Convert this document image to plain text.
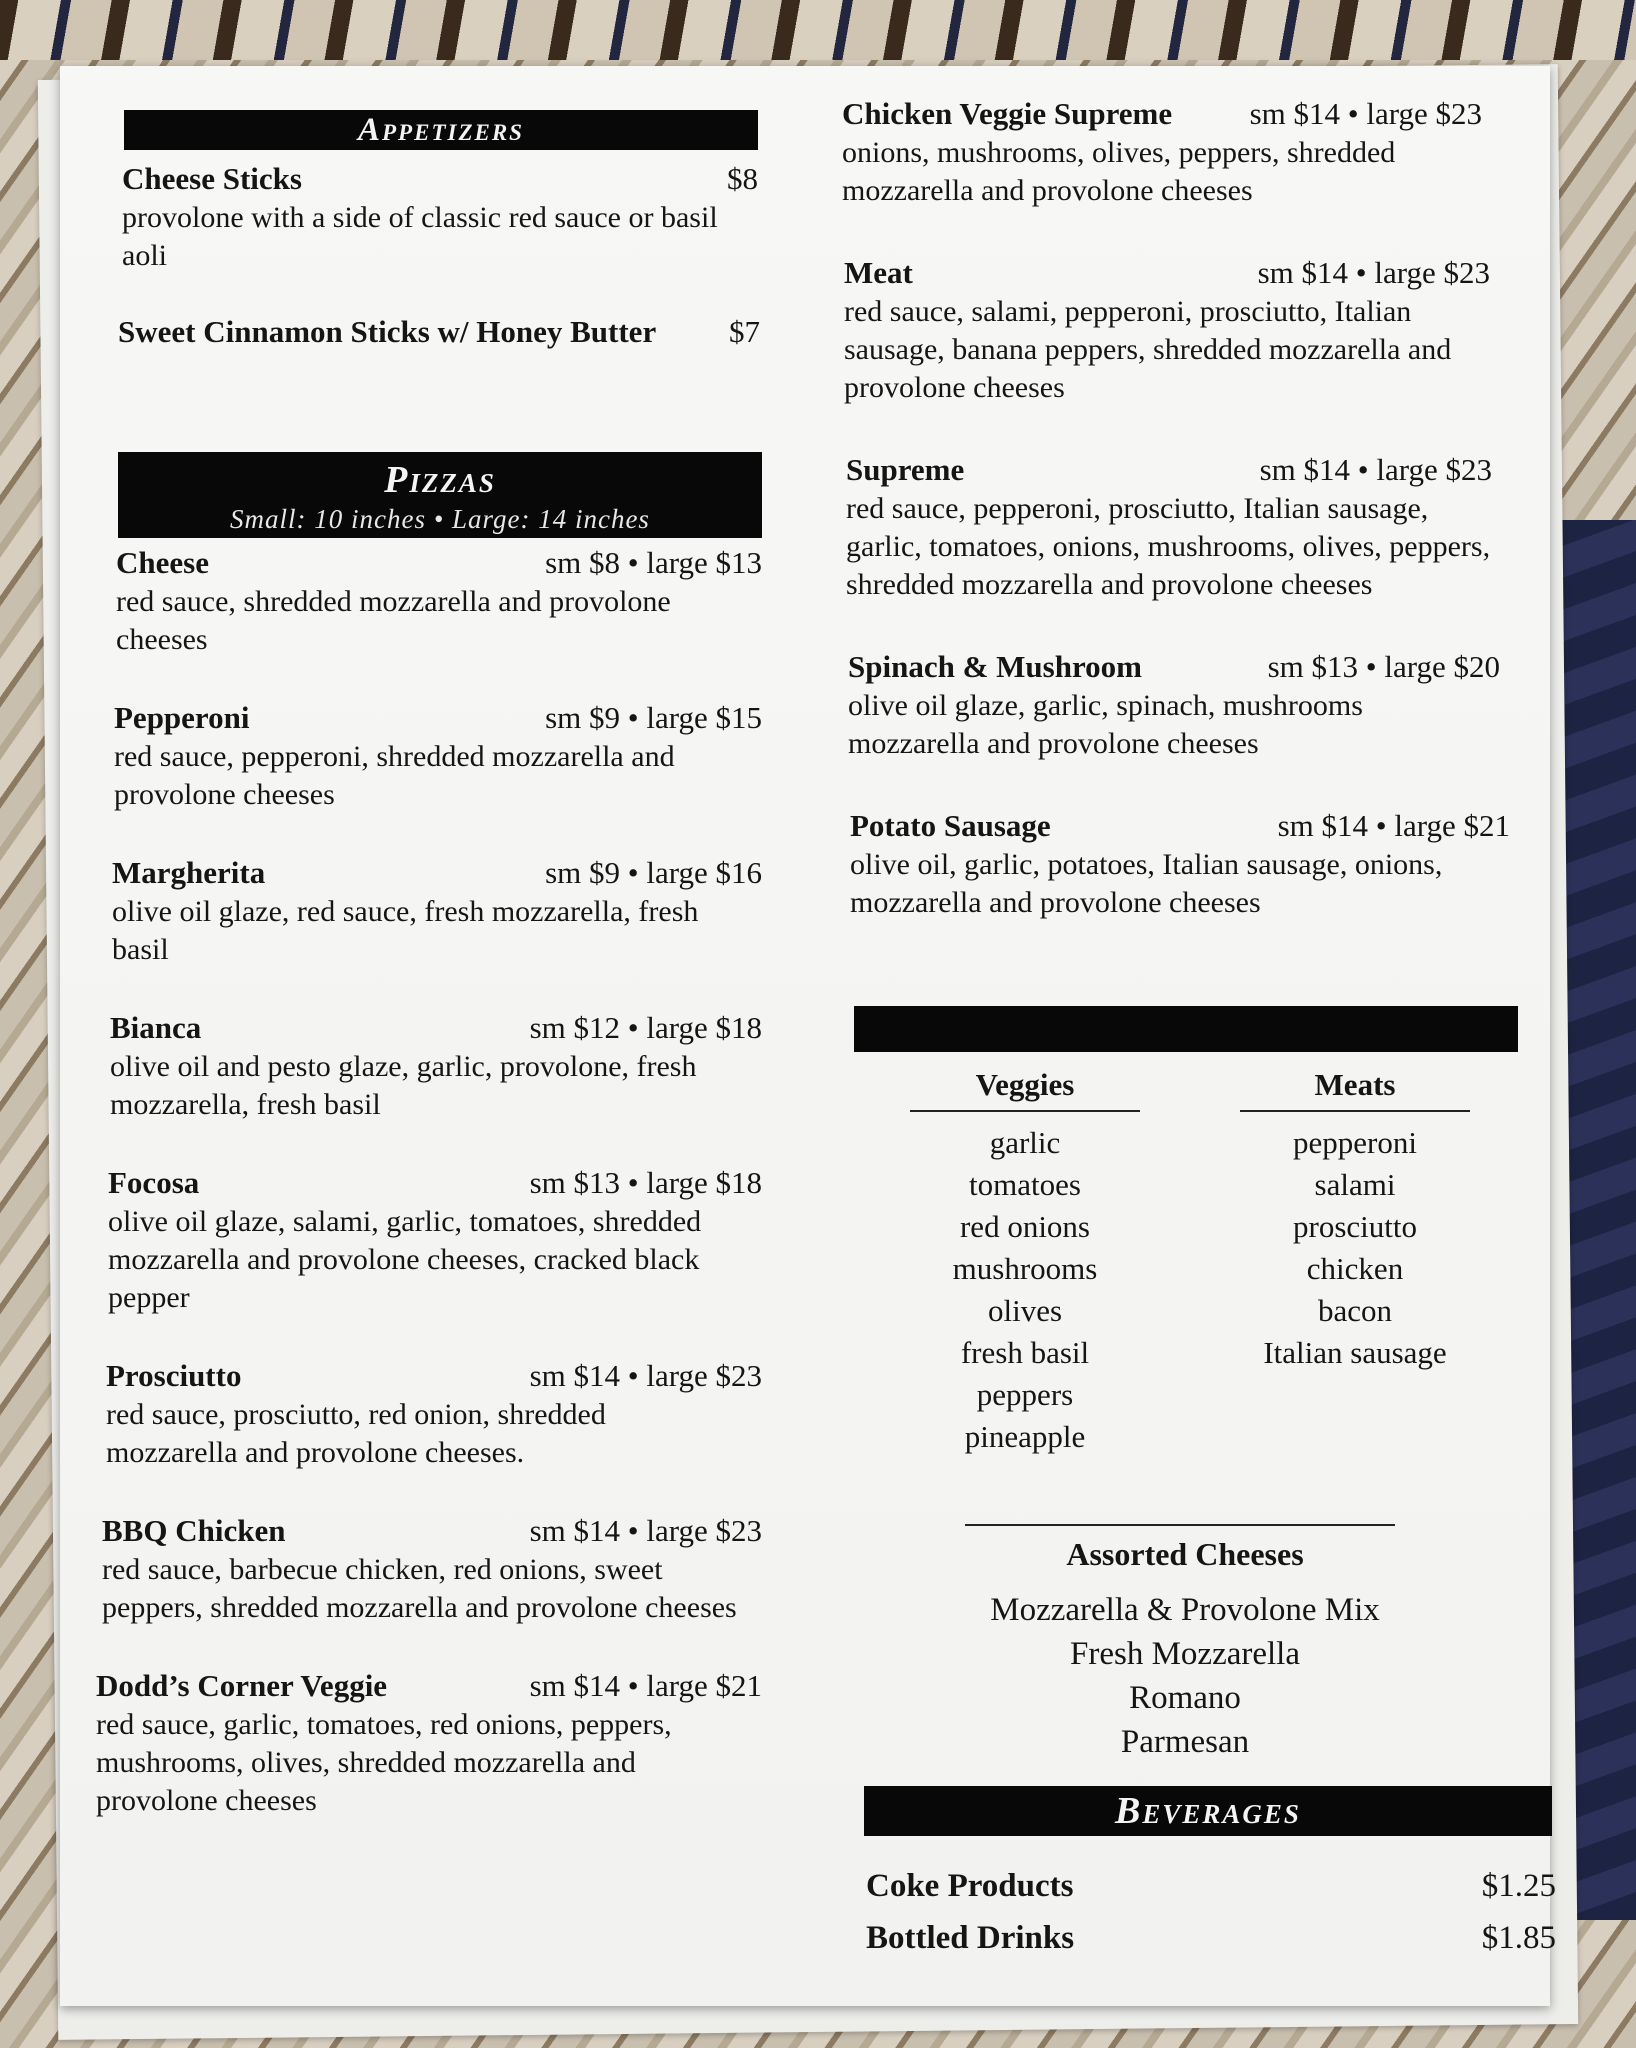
Appetizers
Cheese Sticks	$8
provolone with a side of classic red sauce or basil aoli
Sweet Cinnamon Sticks w/ Honey Butter $7
Pizzas
Small: 10 inches • Large: 14 inches
Cheese	sm $8 • large $13
red sauce, shredded mozzarella and provolone cheeses
Pepperoni	sm $9 • large $15
red sauce, pepperoni, shredded mozzarella and provolone cheeses
Margherita	sm $9 • large $16
olive oil glaze, red sauce, fresh mozzarella, fresh basil
Bianca	sm $12 • large $18
olive oil and pesto glaze, garlic, provolone, fresh mozzarella, fresh basil
Focosa	sm $13 • large $18
olive oil glaze, salami, garlic, tomatoes, shredded mozzarella and provolone cheeses, cracked black pepper
Prosciutto	sm $14 • large $23
red sauce, prosciutto, red onion, shredded mozzarella and provolone cheeses.
BBQ Chicken	sm $14 • large $23
red sauce, barbecue chicken, red onions, sweet peppers, shredded mozzarella and provolone cheeses
Dodd’s Corner Veggie	sm $14 • large $21
red sauce, garlic, tomatoes, red onions, peppers, mushrooms, olives, shredded mozzarella and provolone cheeses
Chicken Veggie Supreme sm $14 • large $23
onions, mushrooms, olives, peppers, shredded mozzarella and provolone cheeses
Meat	sm $14 • large $23
red sauce, salami, pepperoni, prosciutto, Italian sausage, banana peppers, shredded mozzarella and provolone cheeses
Supreme	sm $14 • large $23
red sauce, pepperoni, prosciutto, Italian sausage, garlic, tomatoes, onions, mushrooms, olives, peppers, shredded mozzarella and provolone cheeses
Spinach & Mushroom	sm $13 • large $20
olive oil glaze, garlic, spinach, mushrooms mozzarella and provolone cheeses
Potato Sausage	sm $14 • large $21
olive oil, garlic, potatoes, Italian sausage, onions, mozzarella and provolone cheeses
Veggies
garlic
tomatoes
red onions
mushrooms
olives
fresh basil
peppers
pineapple
Meats
pepperoni
salami
prosciutto
chicken
bacon
Italian sausage
Assorted Cheeses
Mozzarella & Provolone Mix
Fresh Mozzarella
Romano
Parmesan
Beverages
Coke Products	$1.25
Bottled Drinks	$1.85
